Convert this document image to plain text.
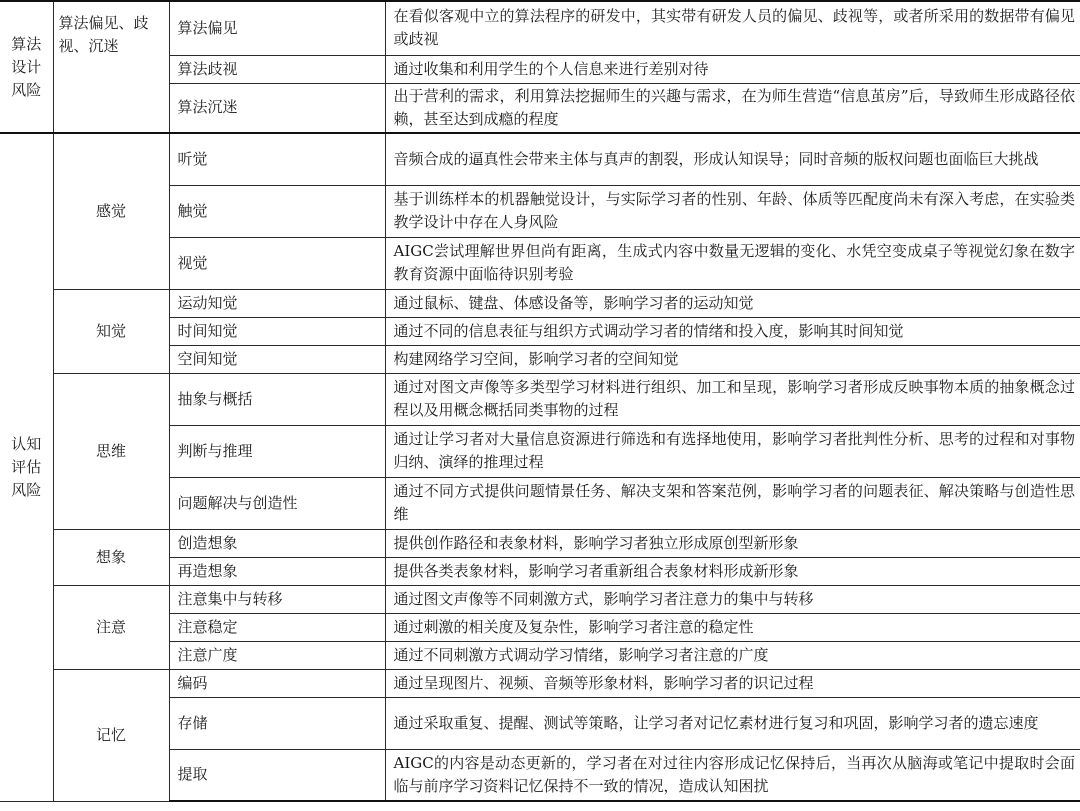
算法设计风险	算法偏见、歧视、沉迷	算法偏见	在看似客观中立的算法程序的研发中，其实带有研发人员的偏见、歧视等，或者所采用的数据带有偏见或歧视
		算法歧视	通过收集和利用学生的个人信息来进行差别对待
		算法沉迷	出于营利的需求，利用算法挖掘师生的兴趣与需求，在为师生营造“信息茧房”后，导致师生形成路径依赖，甚至达到成瘾的程度
认知评估风险	感觉	听觉	音频合成的逼真性会带来主体与真声的割裂，形成认知误导；同时音频的版权问题也面临巨大挑战
		触觉	基于训练样本的机器触觉设计，与实际学习者的性别、年龄、体质等匹配度尚未有深入考虑，在实验类教学设计中存在人身风险
		视觉	AIGC尝试理解世界但尚有距离，生成式内容中数量无逻辑的变化、水凭空变成桌子等视觉幻象在数字教育资源中面临待识别考验
	知觉	运动知觉	通过鼠标、键盘、体感设备等，影响学习者的运动知觉
		时间知觉	通过不同的信息表征与组织方式调动学习者的情绪和投入度，影响其时间知觉
		空间知觉	构建网络学习空间，影响学习者的空间知觉
	思维	抽象与概括	通过对图文声像等多类型学习材料进行组织、加工和呈现，影响学习者形成反映事物本质的抽象概念过程以及用概念概括同类事物的过程
		判断与推理	通过让学习者对大量信息资源进行筛选和有选择地使用，影响学习者批判性分析、思考的过程和对事物归纳、演绎的推理过程
		问题解决与创造性	通过不同方式提供问题情景任务、解决支架和答案范例，影响学习者的问题表征、解决策略与创造性思维
	想象	创造想象	提供创作路径和表象材料，影响学习者独立形成原创型新形象
		再造想象	提供各类表象材料，影响学习者重新组合表象材料形成新形象
	注意	注意集中与转移	通过图文声像等不同刺激方式，影响学习者注意力的集中与转移
		注意稳定	通过刺激的相关度及复杂性，影响学习者注意的稳定性
		注意广度	通过不同刺激方式调动学习情绪，影响学习者注意的广度
	记忆	编码	通过呈现图片、视频、音频等形象材料，影响学习者的识记过程
		存储	通过采取重复、提醒、测试等策略，让学习者对记忆素材进行复习和巩固，影响学习者的遗忘速度
		提取	AIGC的内容是动态更新的，学习者在对过往内容形成记忆保持后，当再次从脑海或笔记中提取时会面临与前序学习资料记忆保持不一致的情况，造成认知困扰
